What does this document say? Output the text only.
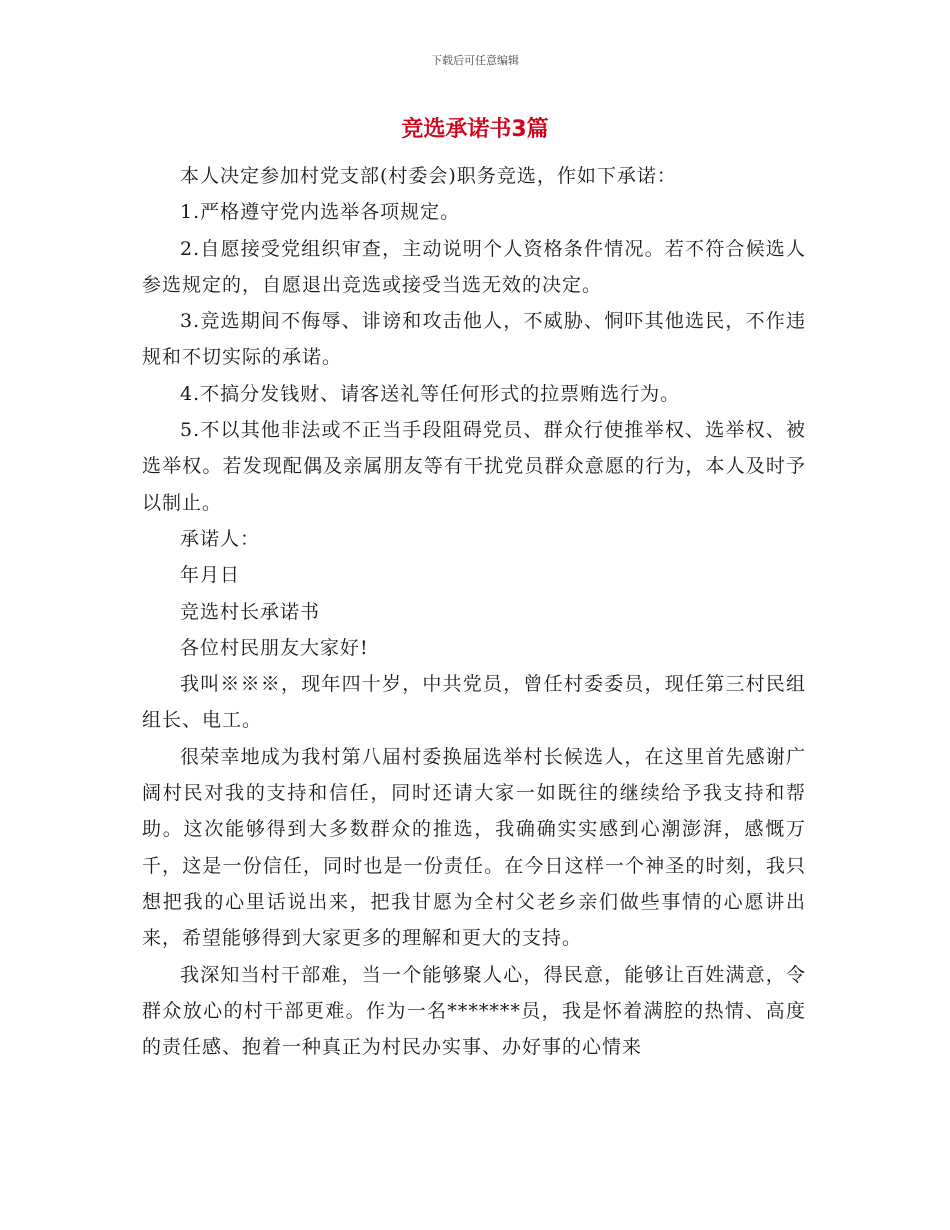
下载后可任意编辑
竞选承诺书3篇

本人决定参加村党支部(村委会)职务竞选，作如下承诺：

1.严格遵守党内选举各项规定。

2.自愿接受党组织审查，主动说明个人资格条件情况。若不符合候选人参选规定的，自愿退出竞选或接受当选无效的决定。

3.竞选期间不侮辱、诽谤和攻击他人，不威胁、恫吓其他选民，不作违规和不切实际的承诺。

4.不搞分发钱财、请客送礼等任何形式的拉票贿选行为。

5.不以其他非法或不正当手段阻碍党员、群众行使推举权、选举权、被选举权。若发现配偶及亲属朋友等有干扰党员群众意愿的行为，本人及时予以制止。

承诺人：

年月日

竞选村长承诺书

各位村民朋友大家好!

我叫※※※，现年四十岁，中共党员，曾任村委委员，现任第三村民组组长、电工。

很荣幸地成为我村第八届村委换届选举村长候选人，在这里首先感谢广阔村民对我的支持和信任，同时还请大家一如既往的继续给予我支持和帮助。这次能够得到大多数群众的推选，我确确实实感到心潮澎湃，感慨万千，这是一份信任，同时也是一份责任。在今日这样一个神圣的时刻，我只想把我的心里话说出来，把我甘愿为全村父老乡亲们做些事情的心愿讲出来，希望能够得到大家更多的理解和更大的支持。

我深知当村干部难，当一个能够聚人心，得民意，能够让百姓满意，令群众放心的村干部更难。作为一名*******员，我是怀着满腔的热情、高度的责任感、抱着一种真正为村民办实事、办好事的心情来
